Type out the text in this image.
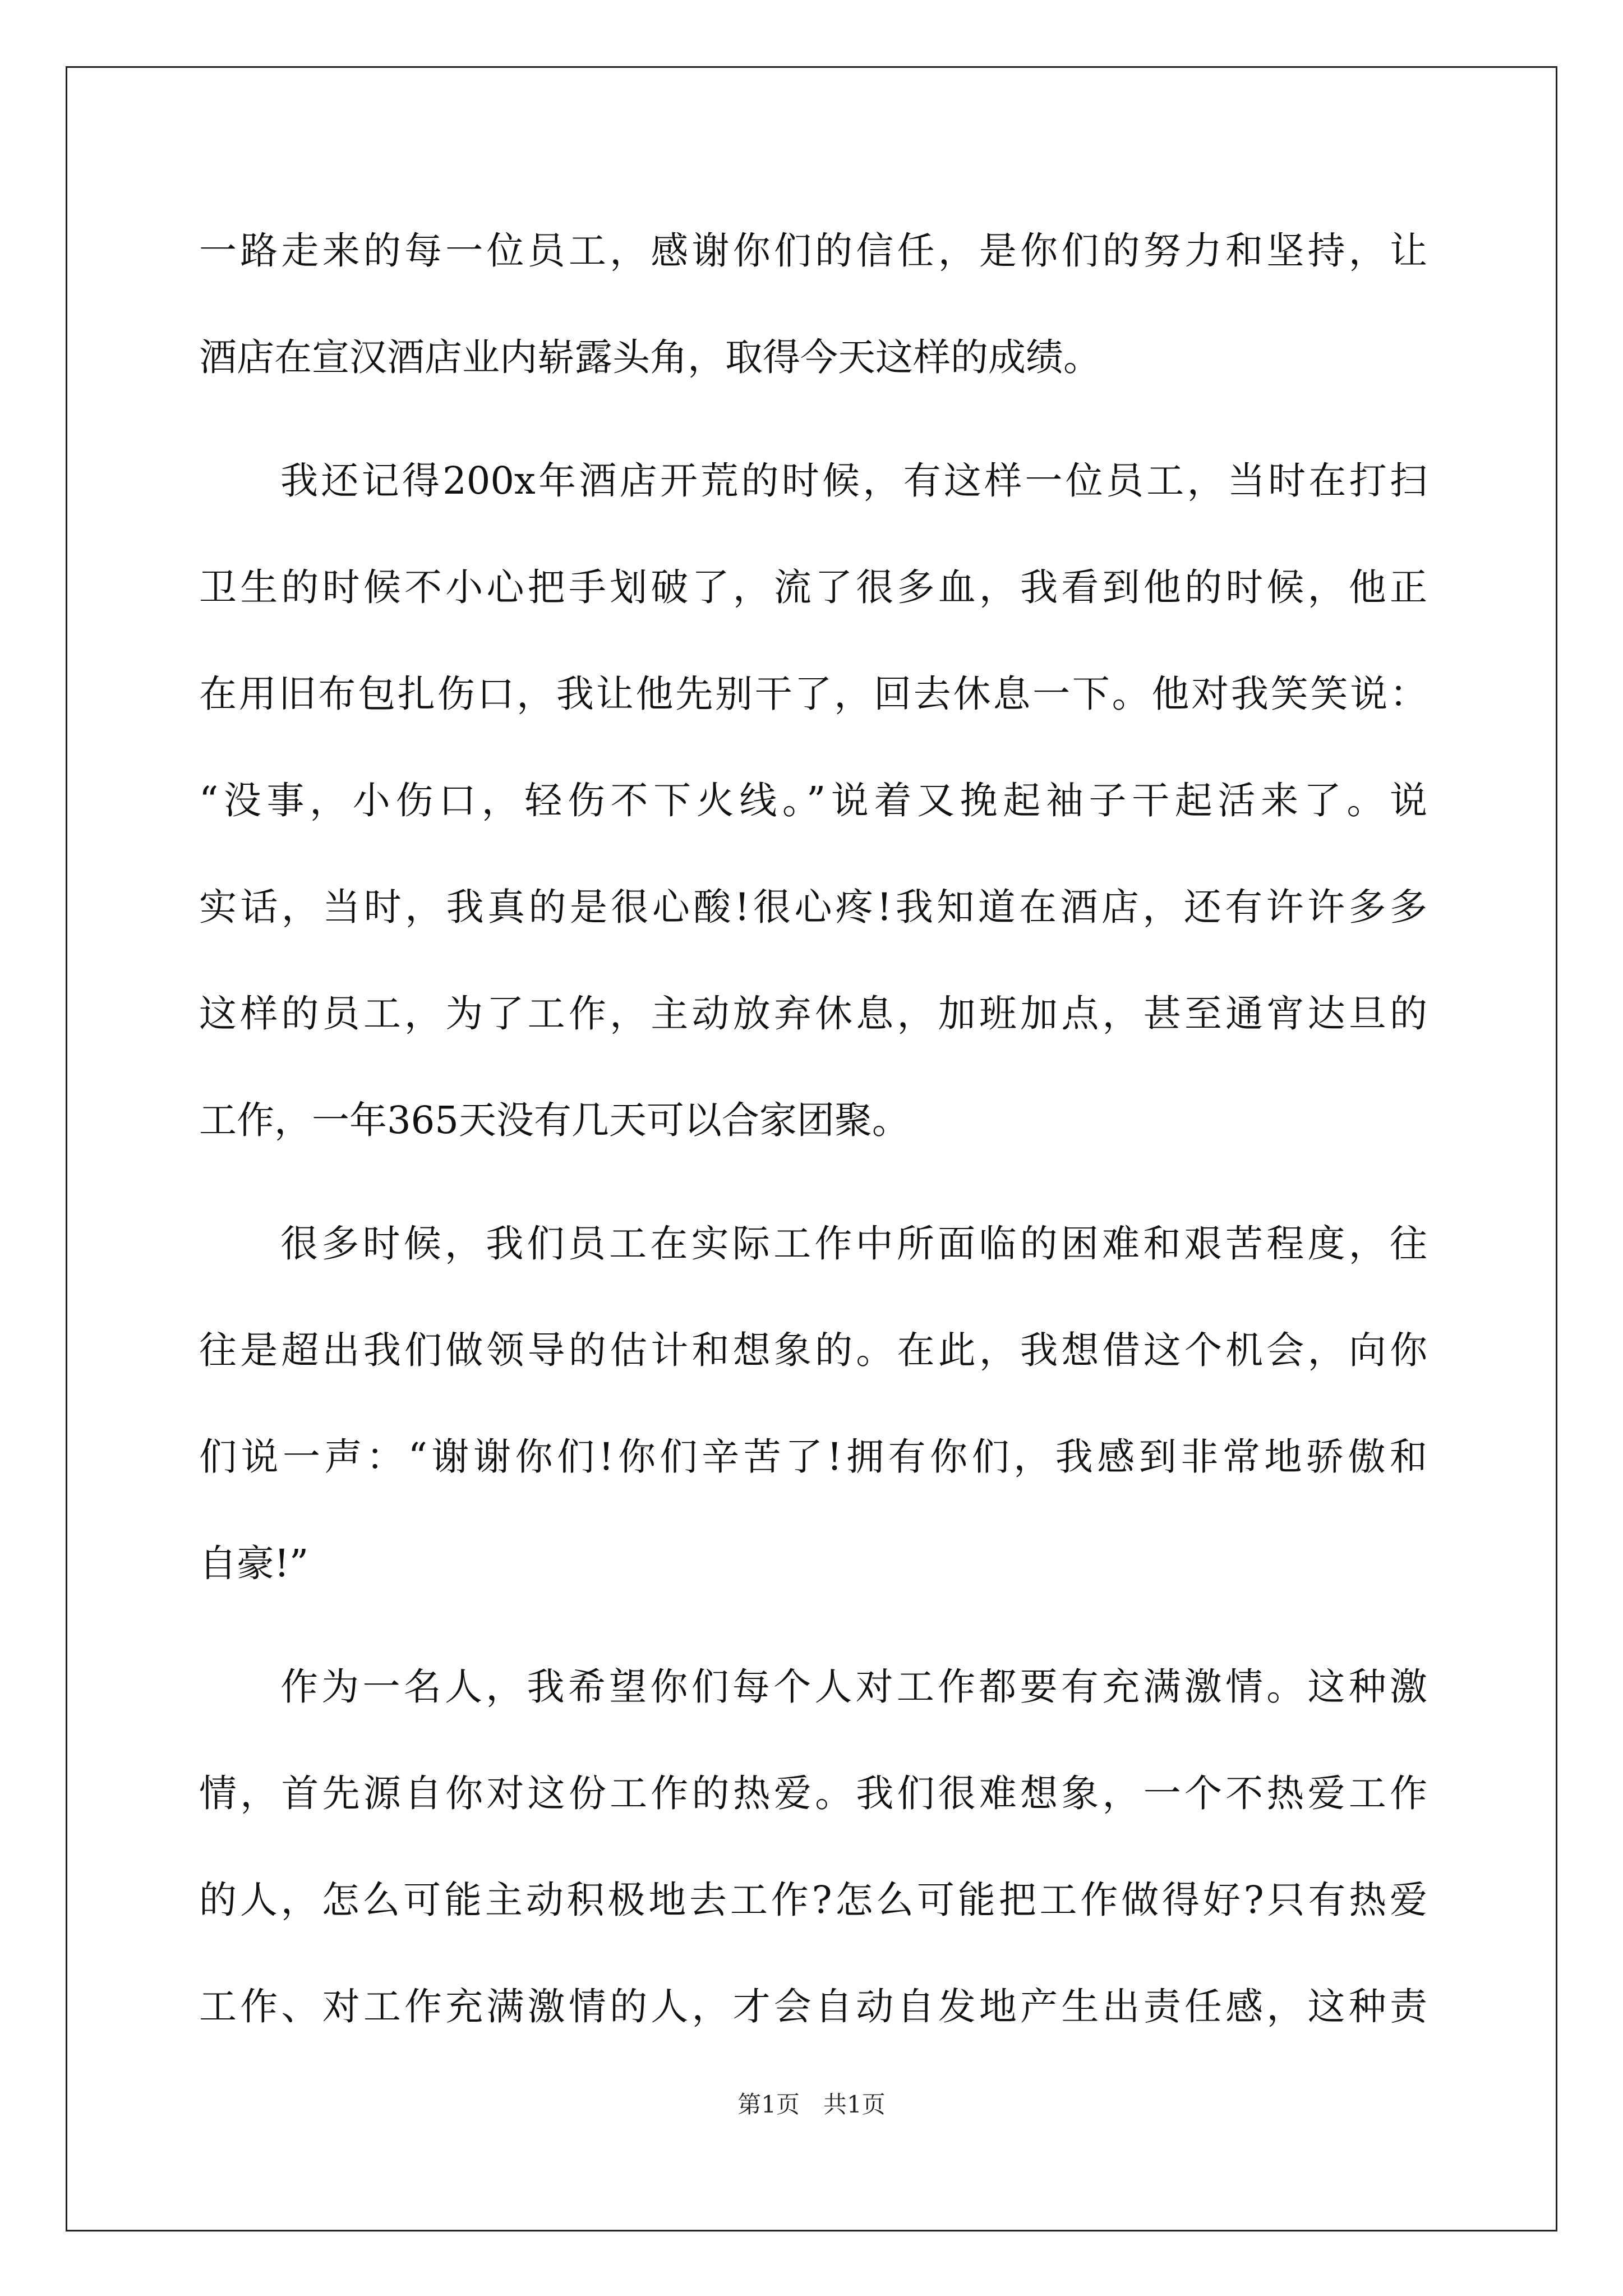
一路走来的每一位员工，感谢你们的信任，是你们的努力和坚持，让
酒店在宣汉酒店业内崭露头角，取得今天这样的成绩。
我还记得200x年酒店开荒的时候，有这样一位员工，当时在打扫
卫生的时候不小心把手划破了，流了很多血，我看到他的时候，他正
在用旧布包扎伤口，我让他先别干了，回去休息一下。他对我笑笑说：
“没事，小伤口，轻伤不下火线。”说着又挽起袖子干起活来了。说
实话，当时，我真的是很心酸!很心疼!我知道在酒店，还有许许多多
这样的员工，为了工作，主动放弃休息，加班加点，甚至通宵达旦的
工作，一年365天没有几天可以合家团聚。
很多时候，我们员工在实际工作中所面临的困难和艰苦程度，往
往是超出我们做领导的估计和想象的。在此，我想借这个机会，向你
们说一声：“谢谢你们!你们辛苦了!拥有你们，我感到非常地骄傲和
自豪!”
作为一名人，我希望你们每个人对工作都要有充满激情。这种激
情，首先源自你对这份工作的热爱。我们很难想象，一个不热爱工作
的人，怎么可能主动积极地去工作?怎么可能把工作做得好?只有热爱
工作、对工作充满激情的人，才会自动自发地产生出责任感，这种责
第1页　共1页
